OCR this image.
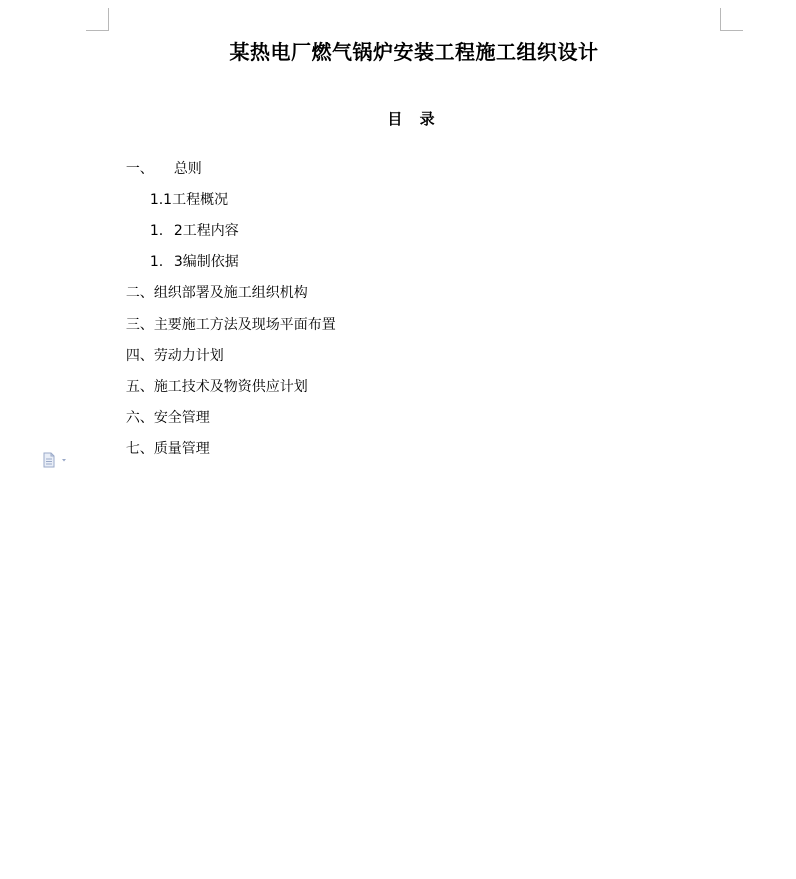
某热电厂燃气锅炉安装工程施工组织设计
目 录

一、 总则

1.1工程概况

1. 2工程内容

1. 3编制依据

二、组织部署及施工组织机构

三、主要施工方法及现场平面布置

四、劳动力计划

五、施工技术及物资供应计划

六、安全管理

七、质量管理
